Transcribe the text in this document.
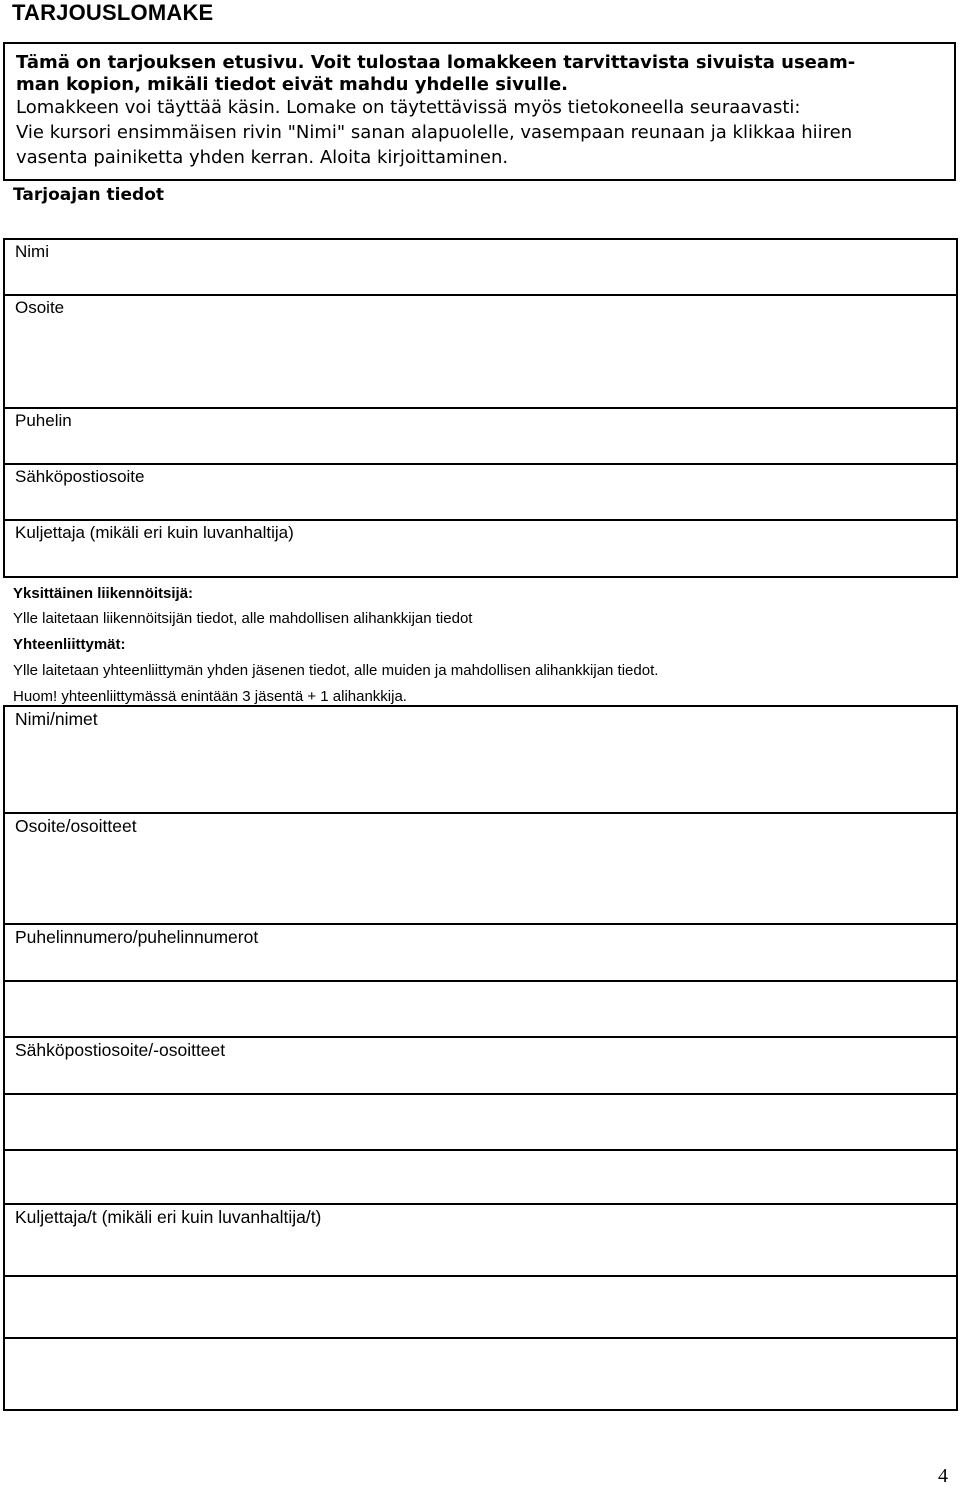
TARJOUSLOMAKE
Tämä on tarjouksen etusivu. Voit tulostaa lomakkeen tarvittavista sivuista useam-
man kopion, mikäli tiedot eivät mahdu yhdelle sivulle.
Lomakkeen voi täyttää käsin. Lomake on täytettävissä myös tietokoneella seuraavasti:
Vie kursori ensimmäisen rivin "Nimi" sanan alapuolelle, vasempaan reunaan ja klikkaa hiiren
vasenta painiketta yhden kerran. Aloita kirjoittaminen.
Tarjoajan tiedot
Nimi
Osoite
Puhelin
Sähköpostiosoite
Kuljettaja (mikäli eri kuin luvanhaltija)
Yksittäinen liikennöitsijä:
Ylle laitetaan liikennöitsijän tiedot, alle mahdollisen alihankkijan tiedot
Yhteenliittymät:
Ylle laitetaan yhteenliittymän yhden jäsenen tiedot, alle muiden ja mahdollisen alihankkijan tiedot.
Huom! yhteenliittymässä enintään 3 jäsentä + 1 alihankkija.
Nimi/nimet
Osoite/osoitteet
Puhelinnumero/puhelinnumerot
Sähköpostiosoite/-osoitteet
Kuljettaja/t (mikäli eri kuin luvanhaltija/t)
4
